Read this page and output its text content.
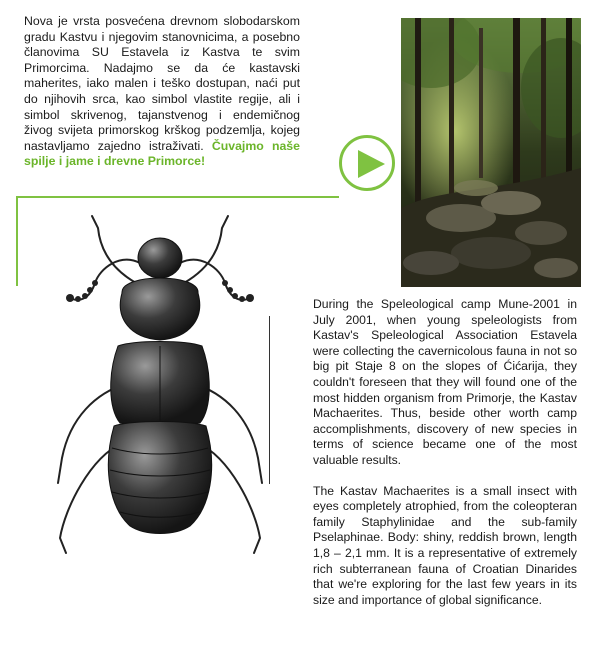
Nova je vrsta posvećena drevnom slobodarskom gradu Kastvu i njegovim stanovnicima, a posebno članovima SU Estavela iz Kastva te svim Primorcima. Nadajmo se da će kastavski maherites, iako malen i teško dostupan, naći put do njihovih srca, kao simbol vlastite regije, ali i simbol skrivenog, tajanstvenog i endemičnog živog svijeta primorskog krškog podzemlja, kojeg nastavljamo zajedno istraživati. Čuvajmo naše spilje i jame i drevne Primorce!

During the Speleological camp Mune-2001 in July 2001, when young speleologists from Kastav's Speleological Association Estavela were collecting the cavernicolous fauna in not so big pit Staje 8 on the slopes of Ćićarija, they couldn't foreseen that they will found one of the most hidden organism from Primorje, the Kastav Machaerites. Thus, beside other worth camp accomplishments, discovery of new species in terms of science became one of the most valuable results.

The Kastav Machaerites is a small insect with eyes completely atrophied, from the coleopteran family Staphylinidae and the sub-family Pselaphinae. Body: shiny, reddish brown, length 1,8 – 2,1 mm. It is a representative of extremely rich subterranean fauna of Croatian Dinarides that we're exploring for the last few years in its size and importance of global significance.
